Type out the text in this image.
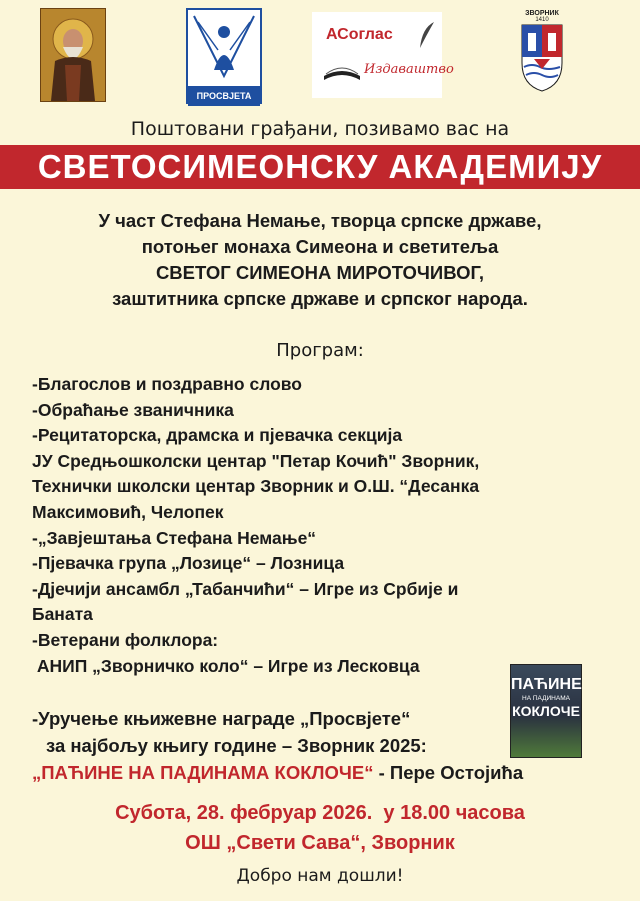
ПРОСВЈЕТА
АСоглас
Издаваштво
ЗВОРНИК
1410
Поштовани грађани, позивамо вас на
СВЕТОСИМЕОНСКУ АКАДЕМИЈУ
У част Стефана Немање, творца српске државе,
потоњег монаха Симеона и светитеља
СВЕТОГ СИМЕОНА МИРОТОЧИВОГ,
заштитника српске државе и српског народа.
Програм:
-Благослов и поздравно слово
-Обраћање званичника
-Рецитаторска, драмска и пјевачка секција
ЈУ Средњошколски центар "Петар Кочић" Зворник,
Технички школски центар Зворник и О.Ш. “Десанка
Максимовић, Челопек
-„Завјештања Стефана Немање“
-Пјевачка група „Лозице“ – Лозница
-Дјечији ансамбл „Табанчићи“ – Игре из Србије и
Баната
-Ветерани фолклора:
АНИП „Зворничко коло“ – Игре из Лесковца
ПАЋИНЕ
НА ПАДИНАМА
КОКЛОЧЕ
-Уручење књижевне награде „Просвјете“
за најбољу књигу године – Зворник 2025:
„ПАЋИНЕ НА ПАДИНАМА КОКЛОЧЕ“ - Пере Остојића
Субота, 28. фебруар 2026.  у 18.00 часова
ОШ „Свети Сава“, Зворник
Добро нам дошли!
